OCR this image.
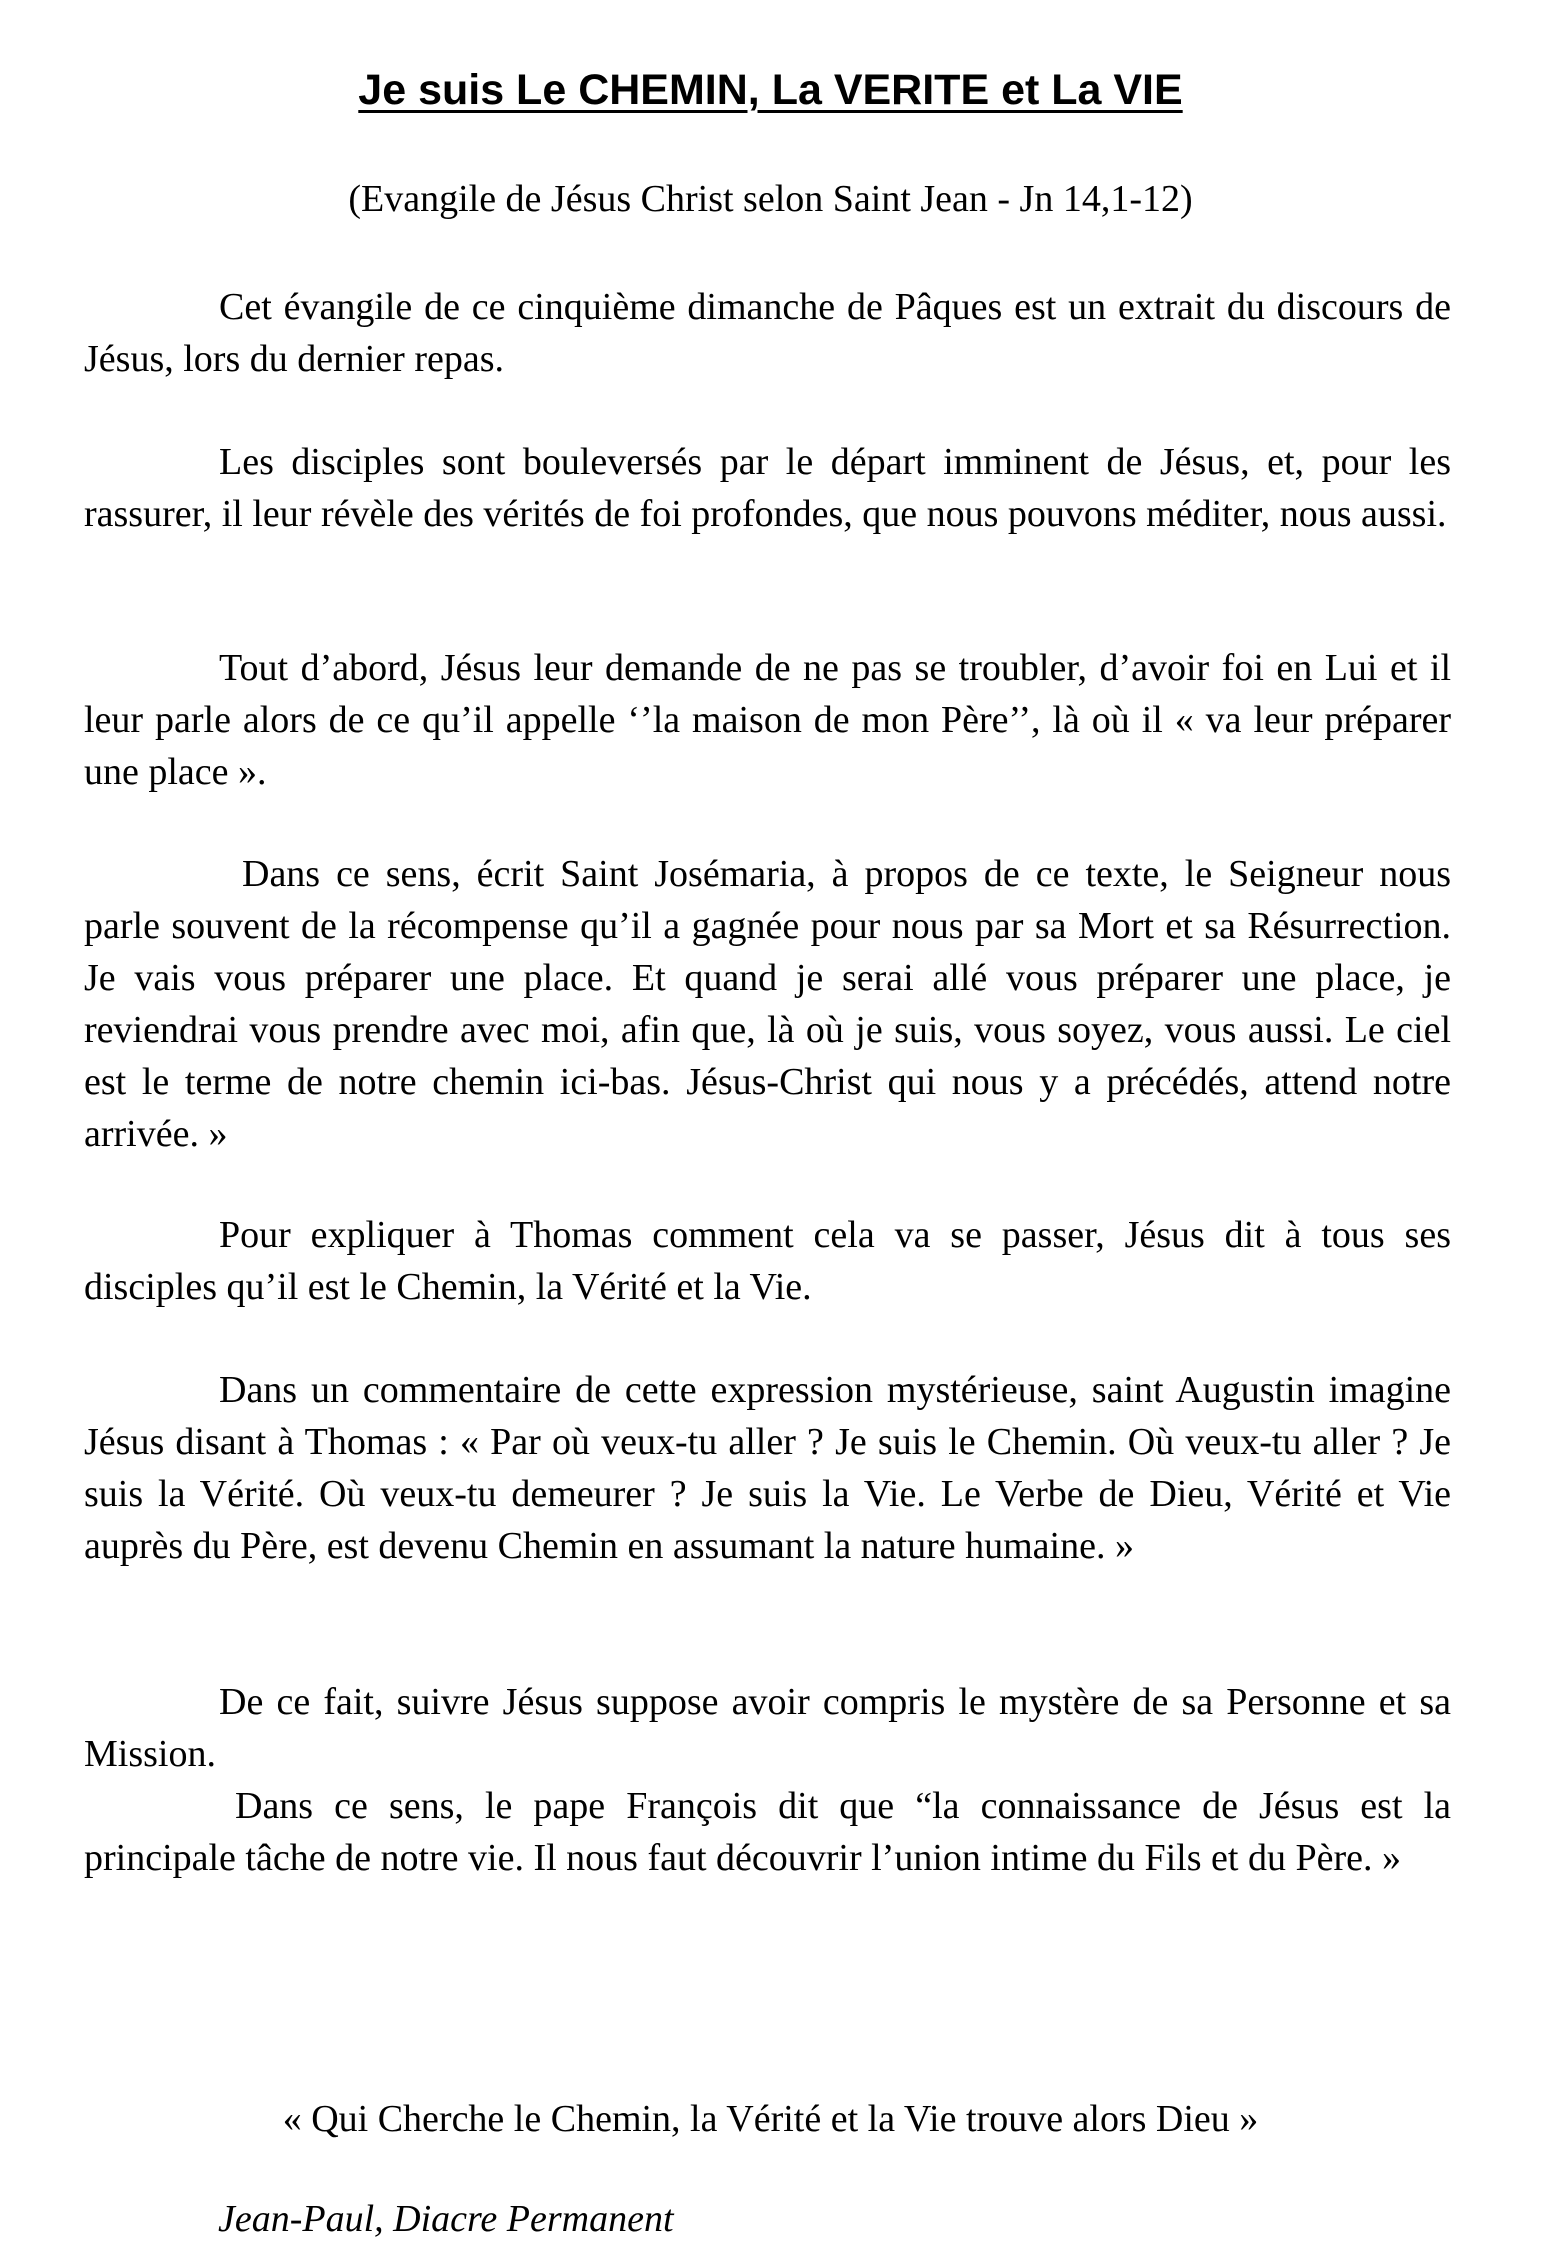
Je suis Le CHEMIN, La VERITE et La VIE

(Evangile de Jésus Christ selon Saint Jean - Jn 14,1-12)

Cet évangile de ce cinquième dimanche de Pâques est un extrait du discours de Jésus, lors du dernier repas.

Les disciples sont bouleversés par le départ imminent de Jésus, et, pour les rassurer, il leur révèle des vérités de foi profondes, que nous pouvons méditer, nous aussi.

Tout d’abord, Jésus leur demande de ne pas se troubler, d’avoir foi en Lui et il leur parle alors de ce qu’il appelle ‘’la maison de mon Père’’, là où il « va leur préparer une place ».

Dans ce sens, écrit Saint Josémaria, à propos de ce texte, le Seigneur nous parle souvent de la récompense qu’il a gagnée pour nous par sa Mort et sa Résurrection. Je vais vous préparer une place. Et quand je serai allé vous préparer une place, je reviendrai vous prendre avec moi, afin que, là où je suis, vous soyez, vous aussi. Le ciel est le terme de notre chemin ici-bas. Jésus-Christ qui nous y a précédés, attend notre arrivée. »

Pour expliquer à Thomas comment cela va se passer, Jésus dit à tous ses disciples qu’il est le Chemin, la Vérité et la Vie.

Dans un commentaire de cette expression mystérieuse, saint Augustin imagine Jésus disant à Thomas : « Par où veux-tu aller ? Je suis le Chemin. Où veux-tu aller ? Je suis la Vérité. Où veux-tu demeurer ? Je suis la Vie. Le Verbe de Dieu, Vérité et Vie auprès du Père, est devenu Chemin en assumant la nature humaine. »

De ce fait, suivre Jésus suppose avoir compris le mystère de sa Personne et sa Mission.

Dans ce sens, le pape François dit que “la connaissance de Jésus est la principale tâche de notre vie. Il nous faut découvrir l’union intime du Fils et du Père. »

« Qui Cherche le Chemin, la Vérité et la Vie trouve alors Dieu »

Jean-Paul, Diacre Permanent
